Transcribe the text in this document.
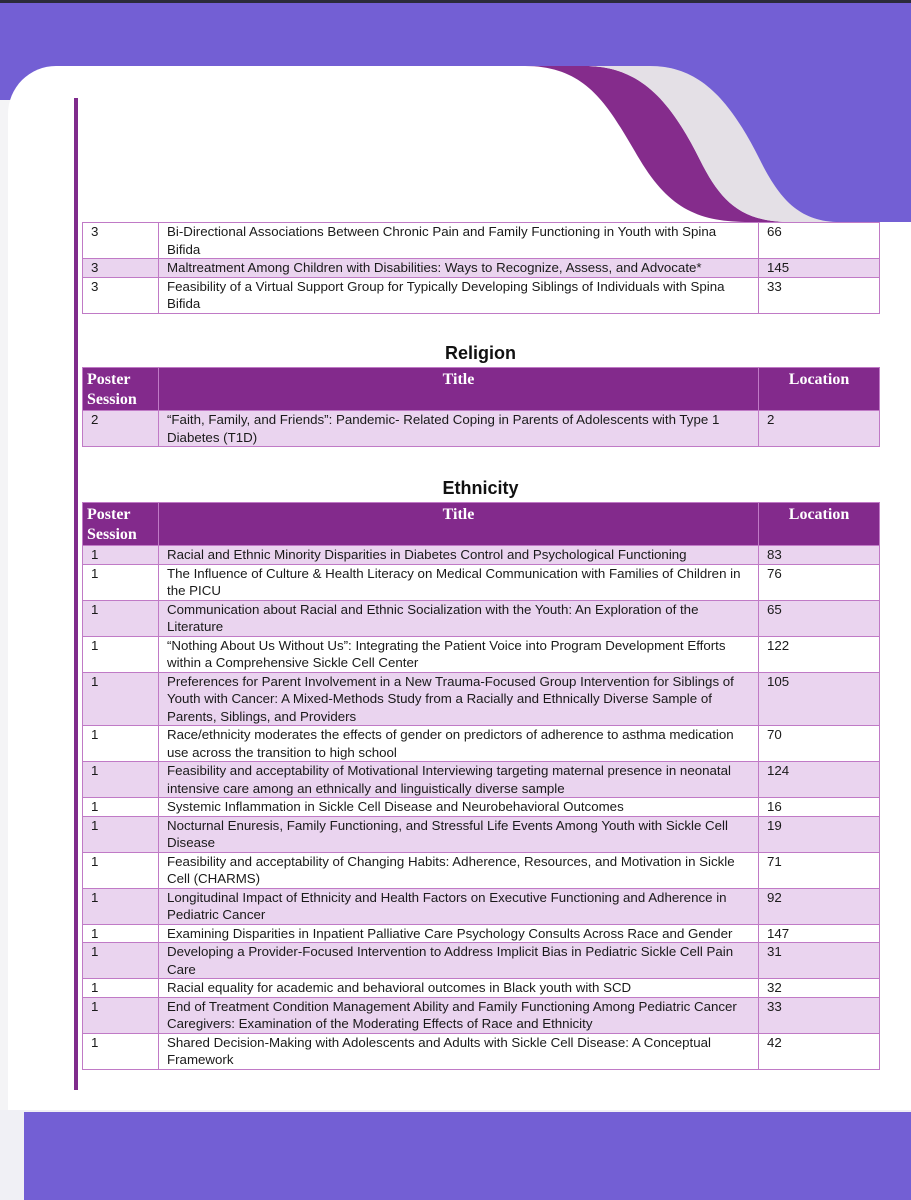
3	Bi-Directional Associations Between Chronic Pain and Family Functioning in Youth with Spina Bifida	66
3	Maltreatment Among Children with Disabilities: Ways to Recognize, Assess, and Advocate*	145
3	Feasibility of a Virtual Support Group for Typically Developing Siblings of Individuals with Spina Bifida	33
Religion
Poster Session	Title	Location
2	“Faith, Family, and Friends”: Pandemic- Related Coping in Parents of Adolescents with Type 1 Diabetes (T1D)	2
Ethnicity
Poster Session	Title	Location
1	Racial and Ethnic Minority Disparities in Diabetes Control and Psychological Functioning	83
1	The Influence of Culture & Health Literacy on Medical Communication with Families of Children in the PICU	76
1	Communication about Racial and Ethnic Socialization with the Youth: An Exploration of the Literature	65
1	“Nothing About Us Without Us”: Integrating the Patient Voice into Program Development Efforts within a Comprehensive Sickle Cell Center	122
1	Preferences for Parent Involvement in a New Trauma-Focused Group Intervention for Siblings of Youth with Cancer: A Mixed-Methods Study from a Racially and Ethnically Diverse Sample of Parents, Siblings, and Providers	105
1	Race/ethnicity moderates the effects of gender on predictors of adherence to asthma medication use across the transition to high school	70
1	Feasibility and acceptability of Motivational Interviewing targeting maternal presence in neonatal intensive care among an ethnically and linguistically diverse sample	124
1	Systemic Inflammation in Sickle Cell Disease and Neurobehavioral Outcomes	16
1	Nocturnal Enuresis, Family Functioning, and Stressful Life Events Among Youth with Sickle Cell Disease	19
1	Feasibility and acceptability of Changing Habits: Adherence, Resources, and Motivation in Sickle Cell (CHARMS)	71
1	Longitudinal Impact of Ethnicity and Health Factors on Executive Functioning and Adherence in Pediatric Cancer	92
1	Examining Disparities in Inpatient Palliative Care Psychology Consults Across Race and Gender	147
1	Developing a Provider-Focused Intervention to Address Implicit Bias in Pediatric Sickle Cell Pain Care	31
1	Racial equality for academic and behavioral outcomes in Black youth with SCD	32
1	End of Treatment Condition Management Ability and Family Functioning Among Pediatric Cancer Caregivers: Examination of the Moderating Effects of Race and Ethnicity	33
1	Shared Decision-Making with Adolescents and Adults with Sickle Cell Disease: A Conceptual Framework	42
